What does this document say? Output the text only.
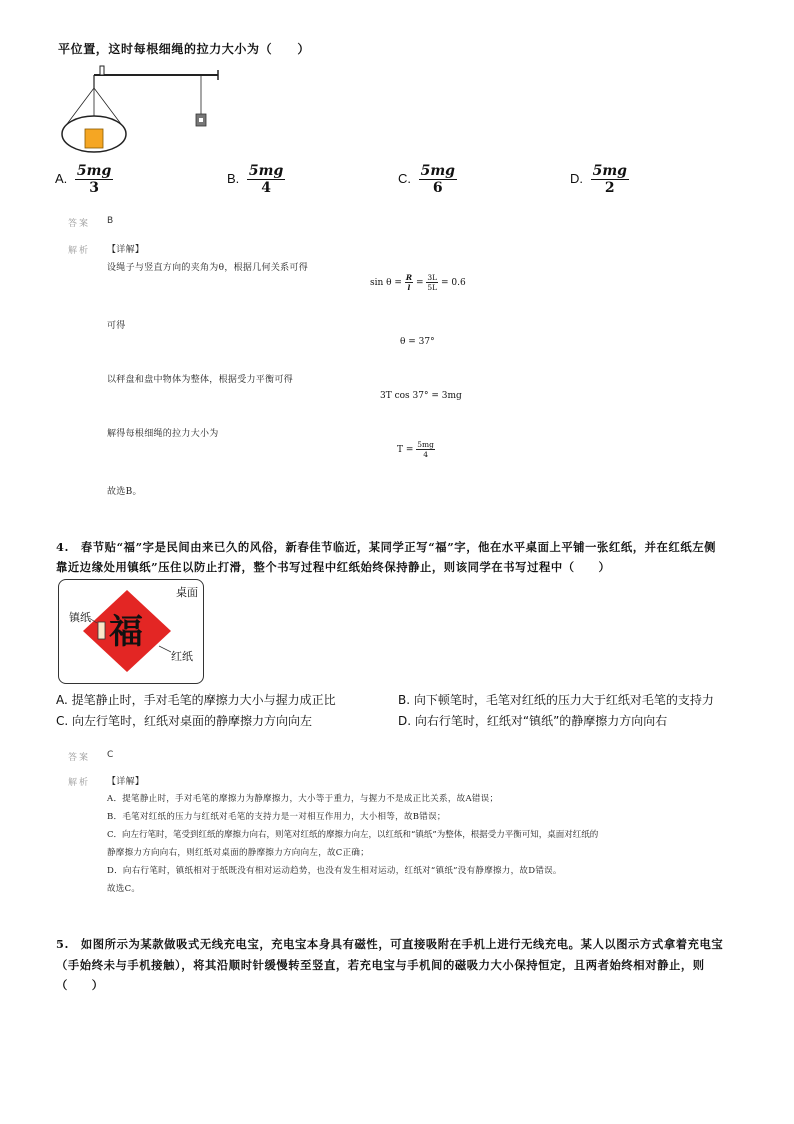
平位置，这时每根细绳的拉力大小为（　　）
A. $\frac{5mg}{3}$	B. $\frac{5mg}{4}$	C. $\frac{5mg}{6}$	D. $\frac{5mg}{2}$
答案 B
解析 【详解】
设绳子与竖直方向的夹角为θ，根据几何关系可得
$\sin \theta = \frac{R}{l} = \frac{3L}{5L} = 0.6$
可得
θ = 37°
以秤盘和盘中物体为整体，根据受力平衡可得
3T cos 37° = 3mg
解得每根细绳的拉力大小为
$T = \frac{5mg}{4}$
故选B。
4.　春节贴“福”字是民间由来已久的风俗，新春佳节临近，某同学正写“福”字，他在水平桌面上平铺一张红纸，并在红纸左侧
靠近边缘处用镇纸”压住以防止打滑，整个书写过程中红纸始终保持静止，则该同学在书写过程中（　　）
福
桌面
镇纸
红纸
A. 提笔静止时，手对毛笔的摩擦力大小与握力成正比	B. 向下顿笔时，毛笔对红纸的压力大于红纸对毛笔的支持力
C. 向左行笔时，红纸对桌面的静摩擦力方向向左	D. 向右行笔时，红纸对“镇纸”的静摩擦力方向向右
答案 C
解析 【详解】
A．提笔静止时，手对毛笔的摩擦力为静摩擦力，大小等于重力，与握力不是成正比关系，故A错误；
B．毛笔对红纸的压力与红纸对毛笔的支持力是一对相互作用力，大小相等，故B错误；
C．向左行笔时，笔受到红纸的摩擦力向右，则笔对红纸的摩擦力向左，以红纸和“镇纸”为整体，根据受力平衡可知，桌面对红纸的
静摩擦力方向向右，则红纸对桌面的静摩擦力方向向左，故C正确；
D．向右行笔时，镇纸相对于纸既没有相对运动趋势，也没有发生相对运动，红纸对“镇纸”没有静摩擦力，故D错误。
故选C。
5.　如图所示为某款做吸式无线充电宝，充电宝本身具有磁性，可直接吸附在手机上进行无线充电。某人以图示方式拿着充电宝
（手始终未与手机接触），将其沿顺时针缓慢转至竖直，若充电宝与手机间的磁吸力大小保持恒定，且两者始终相对静止，则
（　　）
